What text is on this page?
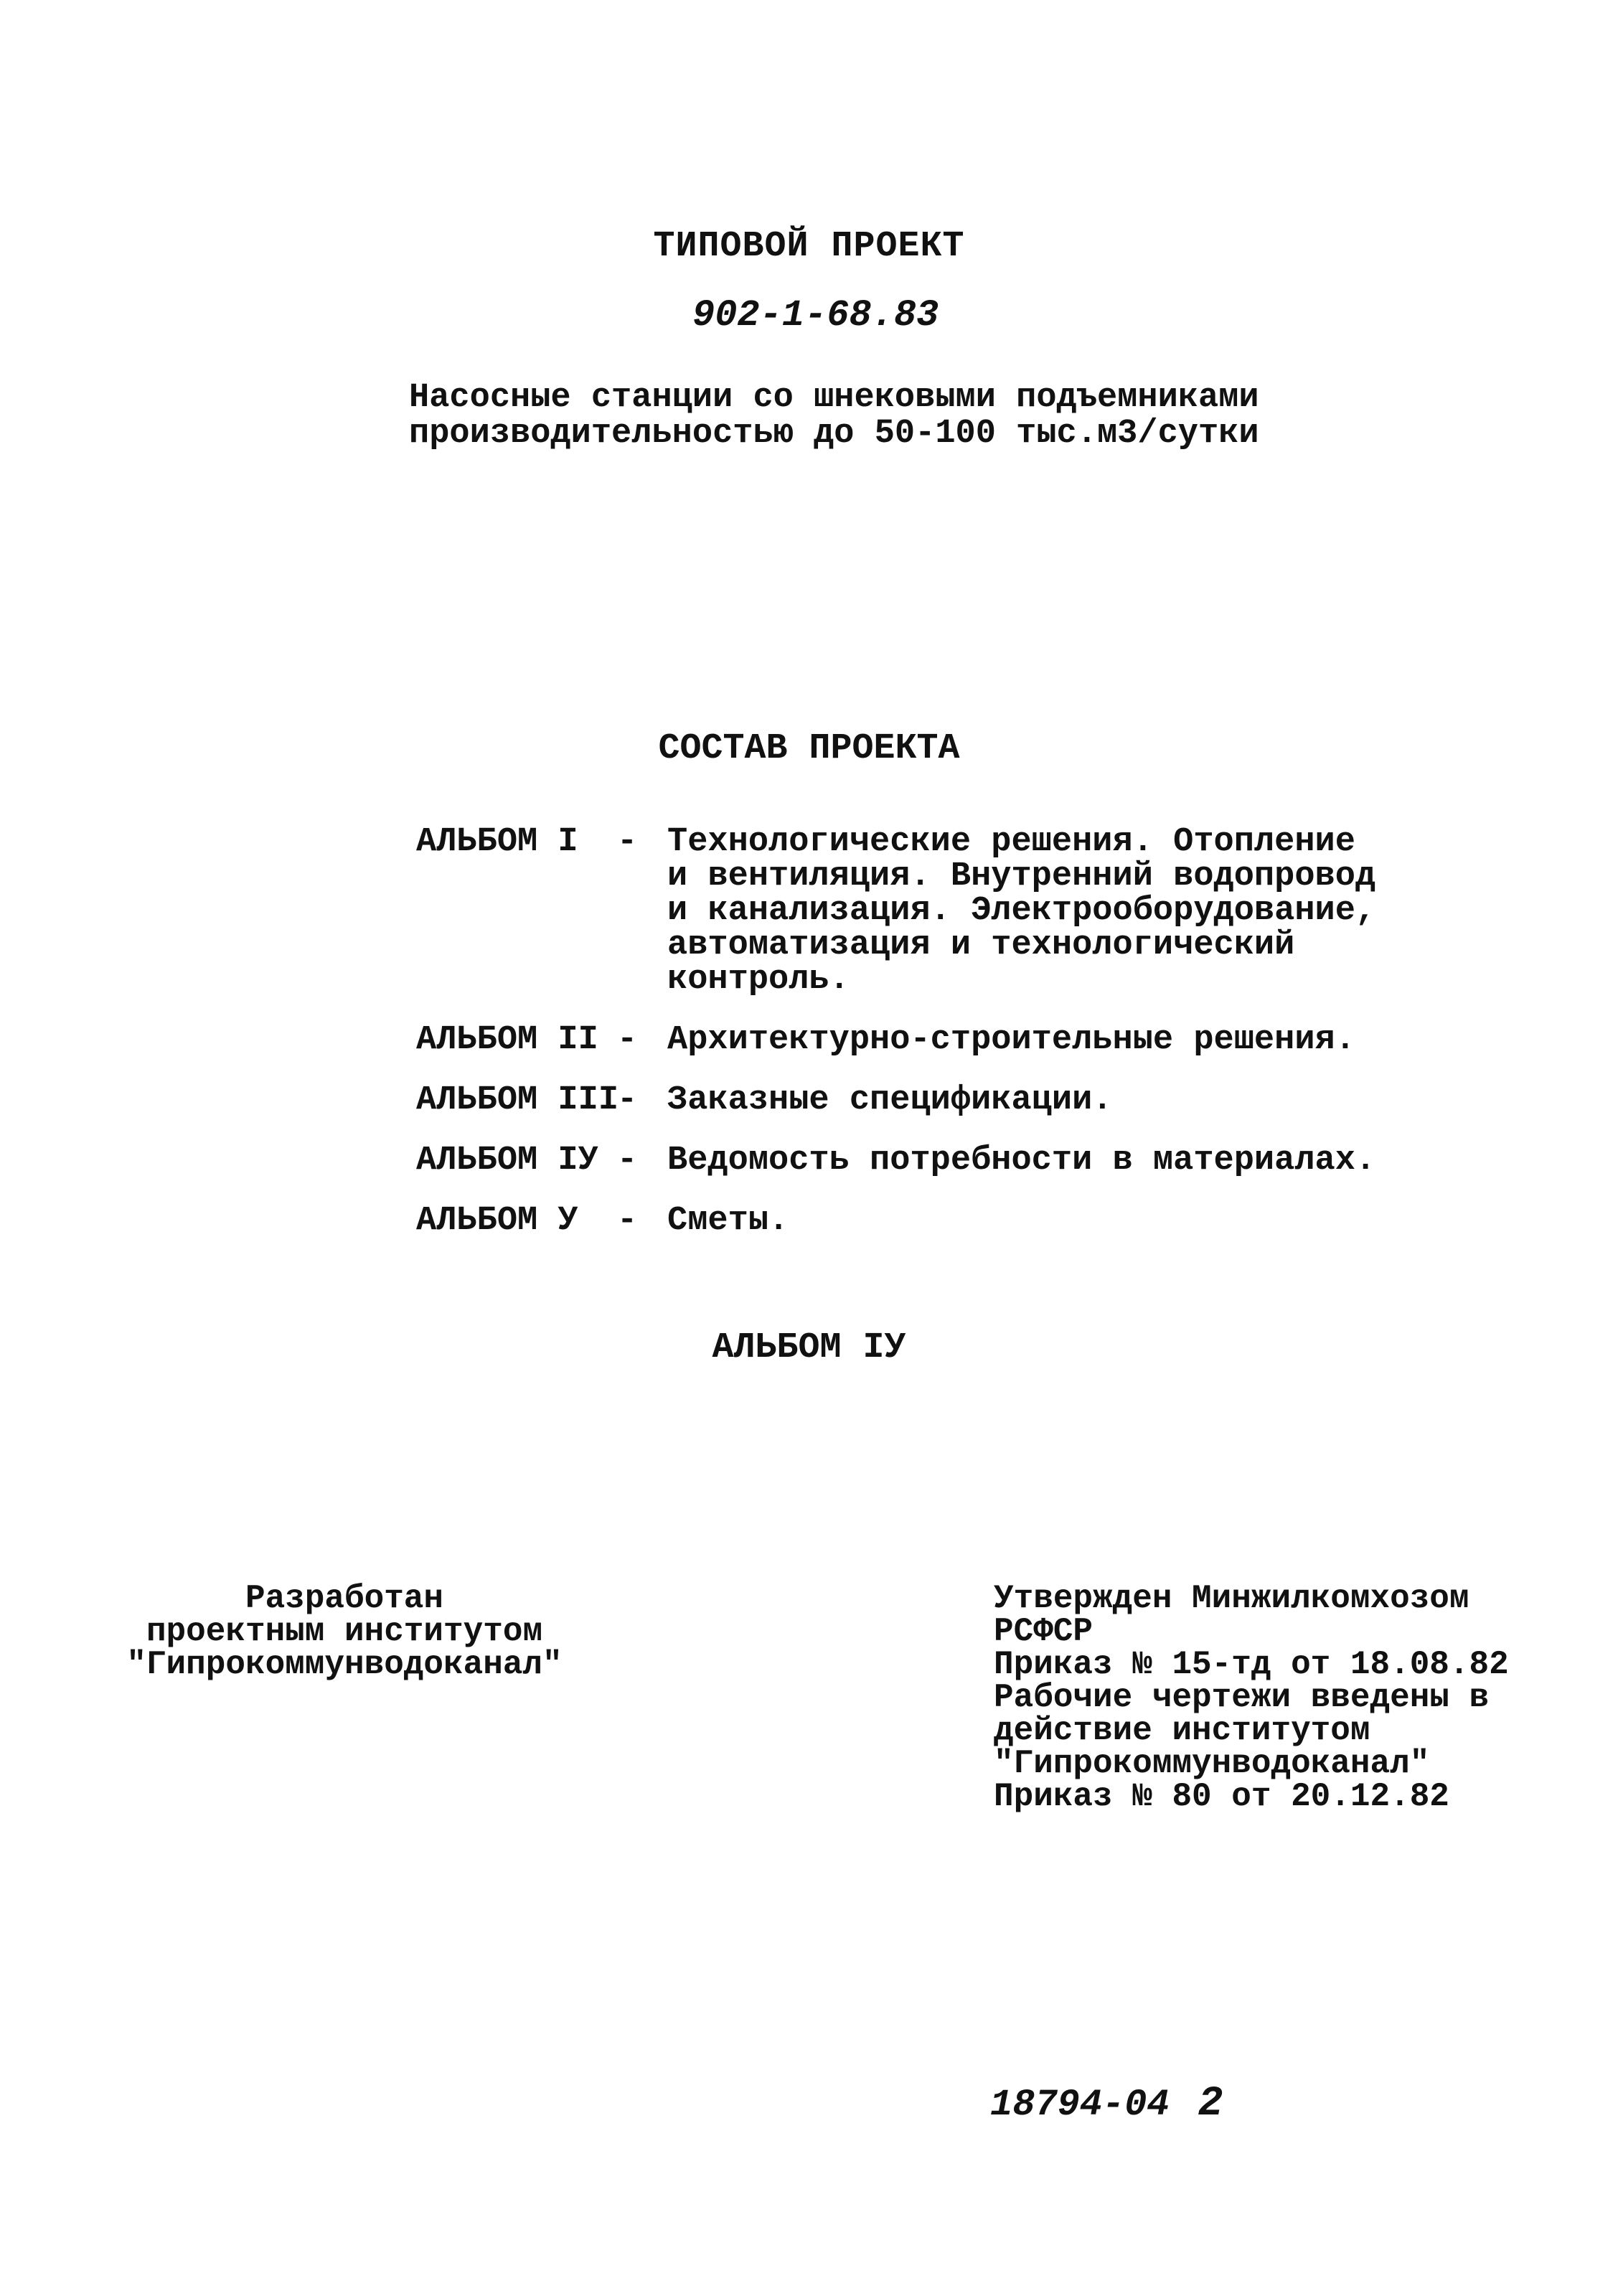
ТИПОВОЙ ПРОЕКТ
902-1-68.83
Насосные станции со шнековыми подъемниками
производительностью до 50-100 тыс.м3/сутки
СОСТАВ ПРОЕКТА
АЛЬБОМ I	- Технологические решения. Отопление
и вентиляция. Внутренний водопровод
и канализация. Электрооборудование,
автоматизация и технологический
контроль.
АЛЬБОМ II - Архитектурно-строительные решения.
АЛЬБОМ III
- Заказные спецификации.
АЛЬБОМ IУ - Ведомость потребности в материалах.
АЛЬБОМ У	- Сметы.
АЛЬБОМ IУ
Разработан
проектным институтом
"Гипрокоммунводоканал"
Утвержден Минжилкомхозом
РСФСР
Приказ № 15-тд от 18.08.82
Рабочие чертежи введены в
действие институтом
"Гипрокоммунводоканал"
Приказ № 80 от 20.12.82
18794-04 2
